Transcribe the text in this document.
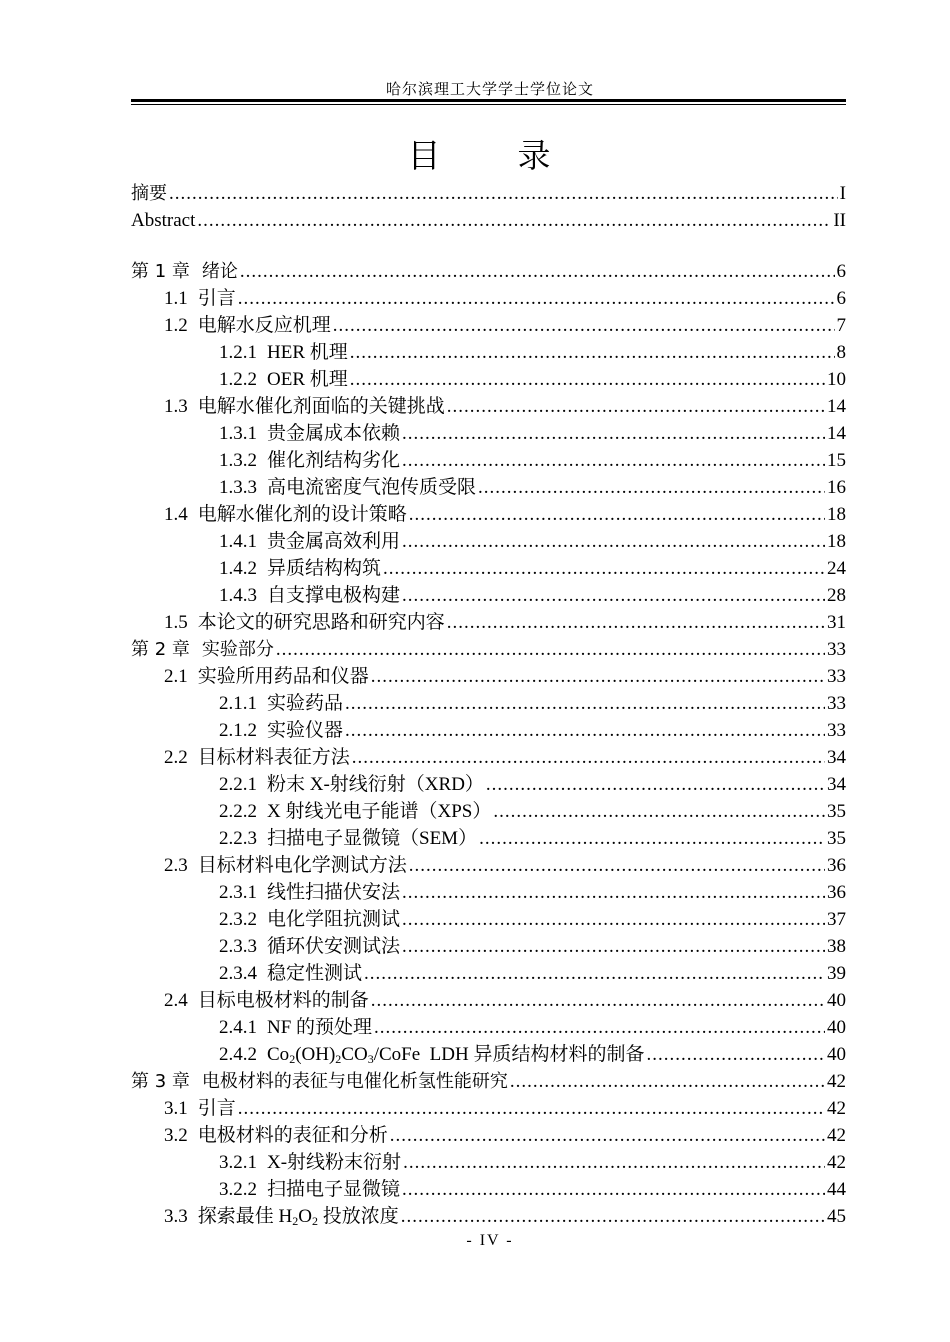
哈尔滨理工大学学士学位论文
目　录
摘要 .....	I
Abstract .....	II
第 1 章 绪论 .....	6
1.1 引言 .....	6
1.2 电解水反应机理 .....	7
1.2.1 HER 机理 .....	8
1.2.2 OER 机理 .....	10
1.3 电解水催化剂面临的关键挑战 .....	14
1.3.1 贵金属成本依赖 .....	14
1.3.2 催化剂结构劣化 .....	15
1.3.3 高电流密度气泡传质受限 .....	16
1.4 电解水催化剂的设计策略 .....	18
1.4.1 贵金属高效利用 .....	18
1.4.2 异质结构构筑 .....	24
1.4.3 自支撑电极构建 .....	28
1.5 本论文的研究思路和研究内容 .....	31
第 2 章 实验部分 .....	33
2.1 实验所用药品和仪器 .....	33
2.1.1 实验药品 .....	33
2.1.2 实验仪器 .....	33
2.2 目标材料表征方法 .....	34
2.2.1 粉末 X-射线衍射（XRD） .....	34
2.2.2 X 射线光电子能谱（XPS） .....	35
2.2.3 扫描电子显微镜（SEM） .....	35
2.3 目标材料电化学测试方法 .....	36
2.3.1 线性扫描伏安法 .....	36
2.3.2 电化学阻抗测试 .....	37
2.3.3 循环伏安测试法 .....	38
2.3.4 稳定性测试 .....	39
2.4 目标电极材料的制备 .....	40
2.4.1 NF 的预处理 .....	40
2.4.2 $Co_2(OH)_2CO_3$/CoFe  LDH 异质结构材料的制备 .....	40
第 3 章 电极材料的表征与电催化析氢性能研究 .....	42
3.1 引言 .....	42
3.2 电极材料的表征和分析 .....	42
3.2.1 X-射线粉末衍射 .....	42
3.2.2 扫描电子显微镜 .....	44
3.3 探索最佳 $H_2O_2$ 投放浓度 .....	45
- IV -
